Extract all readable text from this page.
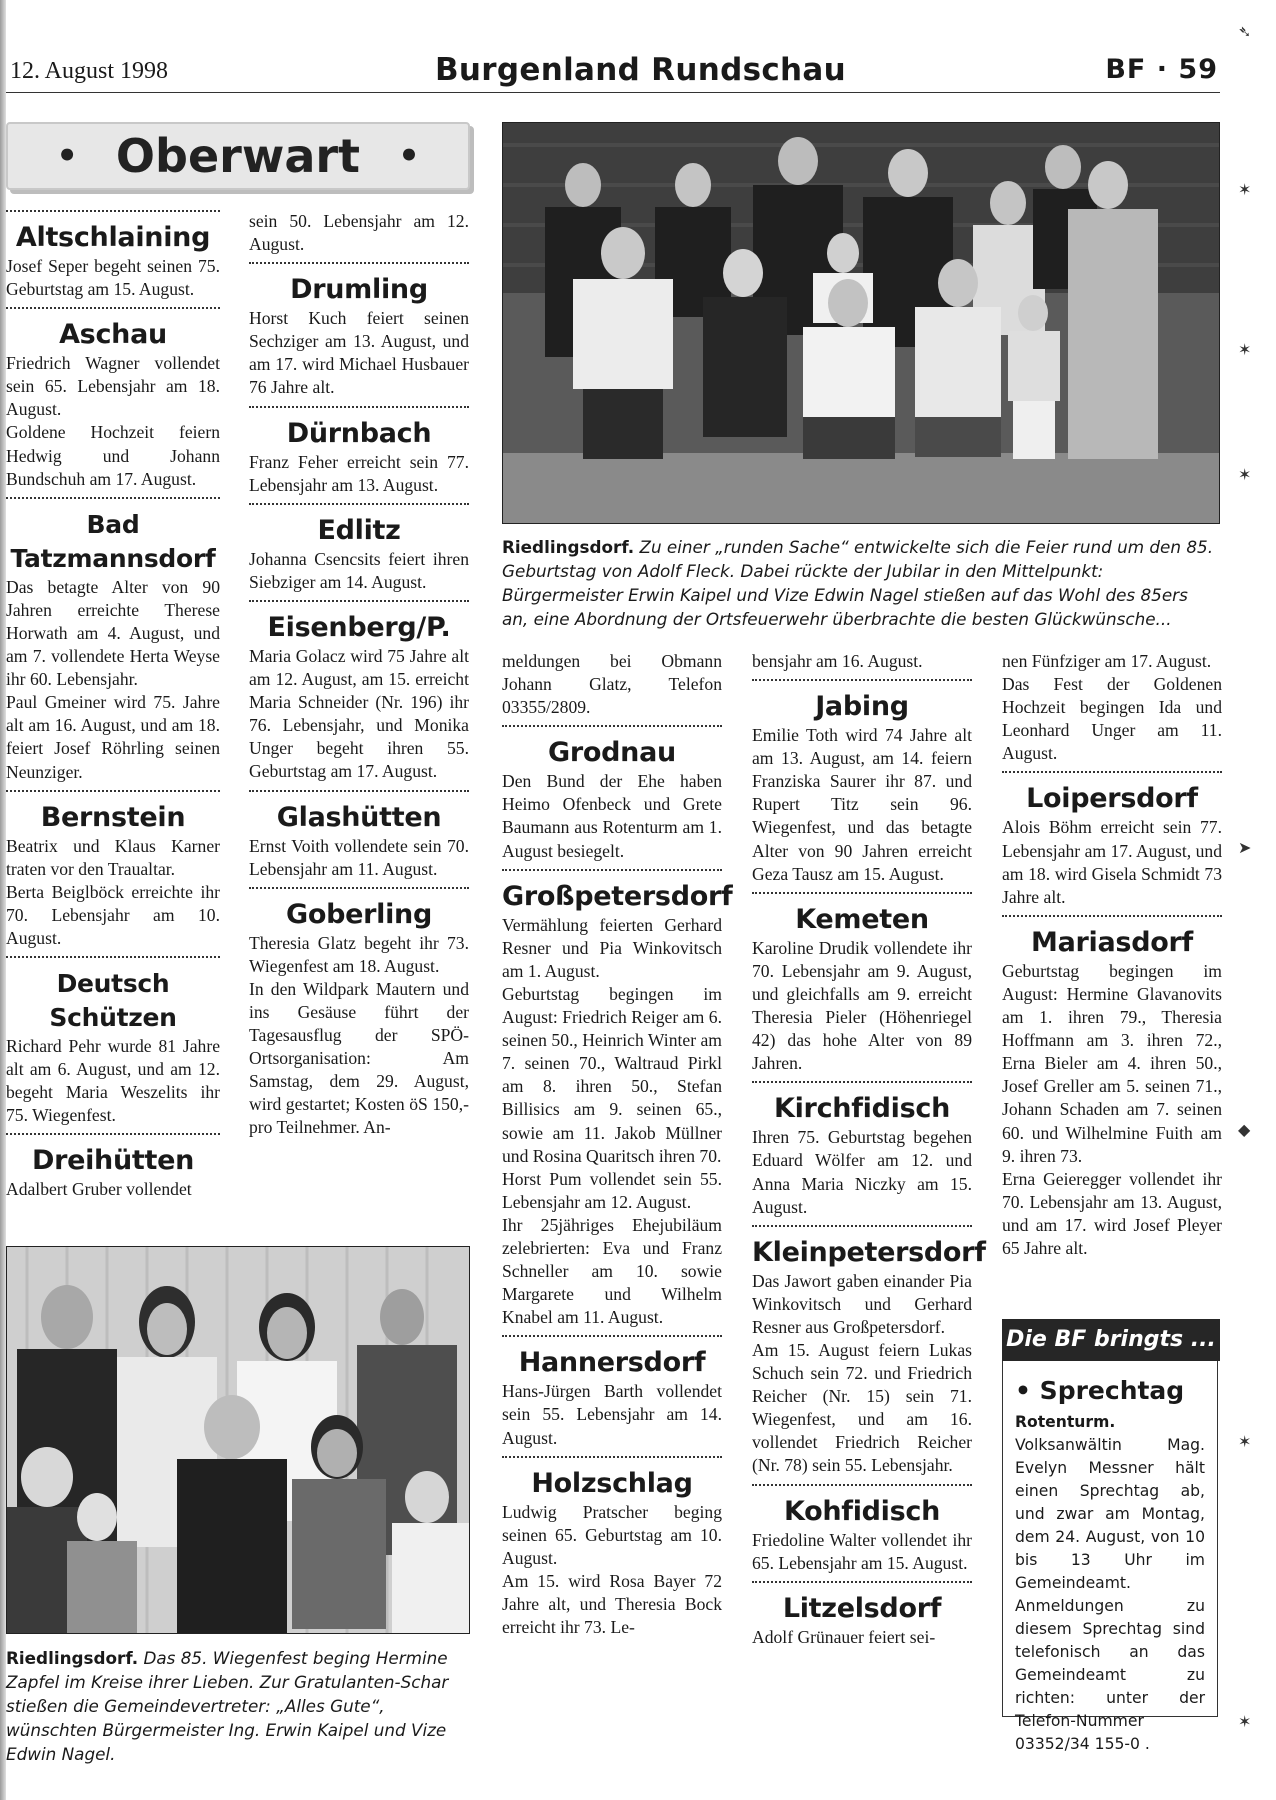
12. August 1998	Burgenland Rundschau	BF · 59
• Oberwart •
Altschlaining

Josef Seper begeht seinen 75. Geburtstag am 15. August.

Aschau

Friedrich Wagner vollendet sein 65. Lebensjahr am 18. August.

Goldene Hochzeit feiern Hedwig und Johann Bundschuh am 17. August.

Bad Tatzmannsdorf

Das betagte Alter von 90 Jahren erreichte Therese Horwath am 4. August, und am 7. vollendete Herta Weyse ihr 60. Lebensjahr.

Paul Gmeiner wird 75. Jahre alt am 16. August, und am 18. feiert Josef Röhrling seinen Neunziger.

Bernstein

Beatrix und Klaus Karner traten vor den Traualtar.

Berta Beiglböck erreichte ihr 70. Lebensjahr am 10. August.

Deutsch Schützen

Richard Pehr wurde 81 Jahre alt am 6. August, und am 12. begeht Maria Weszelits ihr 75. Wiegenfest.

Dreihütten

Adalbert Gruber vollendet

sein 50. Lebensjahr am 12. August.

Drumling

Horst Kuch feiert seinen Sechziger am 13. August, und am 17. wird Michael Husbauer 76 Jahre alt.

Dürnbach

Franz Feher erreicht sein 77. Lebensjahr am 13. August.

Edlitz

Johanna Csencsits feiert ihren Siebziger am 14. August.

Eisenberg/P.

Maria Golacz wird 75 Jahre alt am 12. August, am 15. erreicht Maria Schneider (Nr. 196) ihr 76. Lebensjahr, und Monika Unger begeht ihren 55. Geburtstag am 17. August.

Glashütten

Ernst Voith vollendete sein 70. Lebensjahr am 11. August.

Goberling

Theresia Glatz begeht ihr 73. Wiegenfest am 18. August.

In den Wildpark Mautern und ins Gesäuse führt der Tagesausflug der SPÖ-Ortsorganisation: Am Samstag, dem 29. August, wird gestartet; Kosten öS 150,- pro Teilnehmer. An-

Riedlingsdorf. Zu einer „runden Sache“ entwickelte sich die Feier rund um den 85. Geburtstag von Adolf Fleck. Dabei rückte der Jubilar in den Mittelpunkt: Bürgermeister Erwin Kaipel und Vize Edwin Nagel stießen auf das Wohl des 85ers an, eine Abordnung der Ortsfeuerwehr überbrachte die besten Glückwünsche...
Riedlingsdorf. Das 85. Wiegenfest beging Hermine Zapfel im Kreise ihrer Lieben. Zur Gratulanten-Schar stießen die Gemeindevertreter: „Alles Gute“, wünschten Bürgermeister Ing. Erwin Kaipel und Vize Edwin Nagel.

meldungen bei Obmann Johann Glatz, Telefon 03355/2809.

Grodnau

Den Bund der Ehe haben Heimo Ofenbeck und Grete Baumann aus Rotenturm am 1. August besiegelt.

Großpetersdorf

Vermählung feierten Gerhard Resner und Pia Winkovitsch am 1. August.

Geburtstag begingen im August: Friedrich Reiger am 6. seinen 50., Heinrich Winter am 7. seinen 70., Waltraud Pirkl am 8. ihren 50., Stefan Billisics am 9. seinen 65., sowie am 11. Jakob Müllner und Rosina Quaritsch ihren 70.

Horst Pum vollendet sein 55. Lebensjahr am 12. August.

Ihr 25jähriges Ehejubiläum zelebrierten: Eva und Franz Schneller am 10. sowie Margarete und Wilhelm Knabel am 11. August.

Hannersdorf

Hans-Jürgen Barth vollendet sein 55. Lebensjahr am 14. August.

Holzschlag

Ludwig Pratscher beging seinen 65. Geburtstag am 10. August.

Am 15. wird Rosa Bayer 72 Jahre alt, und Theresia Bock erreicht ihr 73. Le-

bensjahr am 16. August.

Jabing

Emilie Toth wird 74 Jahre alt am 13. August, am 14. feiern Franziska Saurer ihr 87. und Rupert Titz sein 96. Wiegenfest, und das betagte Alter von 90 Jahren erreicht Geza Tausz am 15. August.

Kemeten

Karoline Drudik vollendete ihr 70. Lebensjahr am 9. August, und gleichfalls am 9. erreicht Theresia Pieler (Höhenriegel 42) das hohe Alter von 89 Jahren.

Kirchfidisch

Ihren 75. Geburtstag begehen Eduard Wölfer am 12. und Anna Maria Niczky am 15. August.

Kleinpetersdorf

Das Jawort gaben einander Pia Winkovitsch und Gerhard Resner aus Großpetersdorf.

Am 15. August feiern Lukas Schuch sein 72. und Friedrich Reicher (Nr. 15) sein 71. Wiegenfest, und am 16. vollendet Friedrich Reicher (Nr. 78) sein 55. Lebensjahr.

Kohfidisch

Friedoline Walter vollendet ihr 65. Lebensjahr am 15. August.

Litzelsdorf

Adolf Grünauer feiert sei-

nen Fünfziger am 17. August.

Das Fest der Goldenen Hochzeit begingen Ida und Leonhard Unger am 11. August.

Loipersdorf

Alois Böhm erreicht sein 77. Lebensjahr am 17. August, und am 18. wird Gisela Schmidt 73 Jahre alt.

Mariasdorf

Geburtstag begingen im August: Hermine Glavanovits am 1. ihren 79., Theresia Hoffmann am 3. ihren 72., Erna Bieler am 4. ihren 50., Josef Greller am 5. seinen 71., Johann Schaden am 7. seinen 60. und Wilhelmine Fuith am 9. ihren 73.

Erna Geieregger vollendet ihr 70. Lebensjahr am 13. August, und am 17. wird Josef Pleyer 65 Jahre alt.

Die BF bringts ...
• Sprechtag
Rotenturm. Volksanwältin Mag. Evelyn Messner hält einen Sprechtag ab, und zwar am Montag, dem 24. August, von 10 bis 13 Uhr im Gemeindeamt. Anmeldungen zu diesem Sprechtag sind telefonisch an das Gemeindeamt zu richten: unter der Telefon-Nummer 03352/34 155-0 .
➴
✶
✶
✶
➤
◆
✶
✶
